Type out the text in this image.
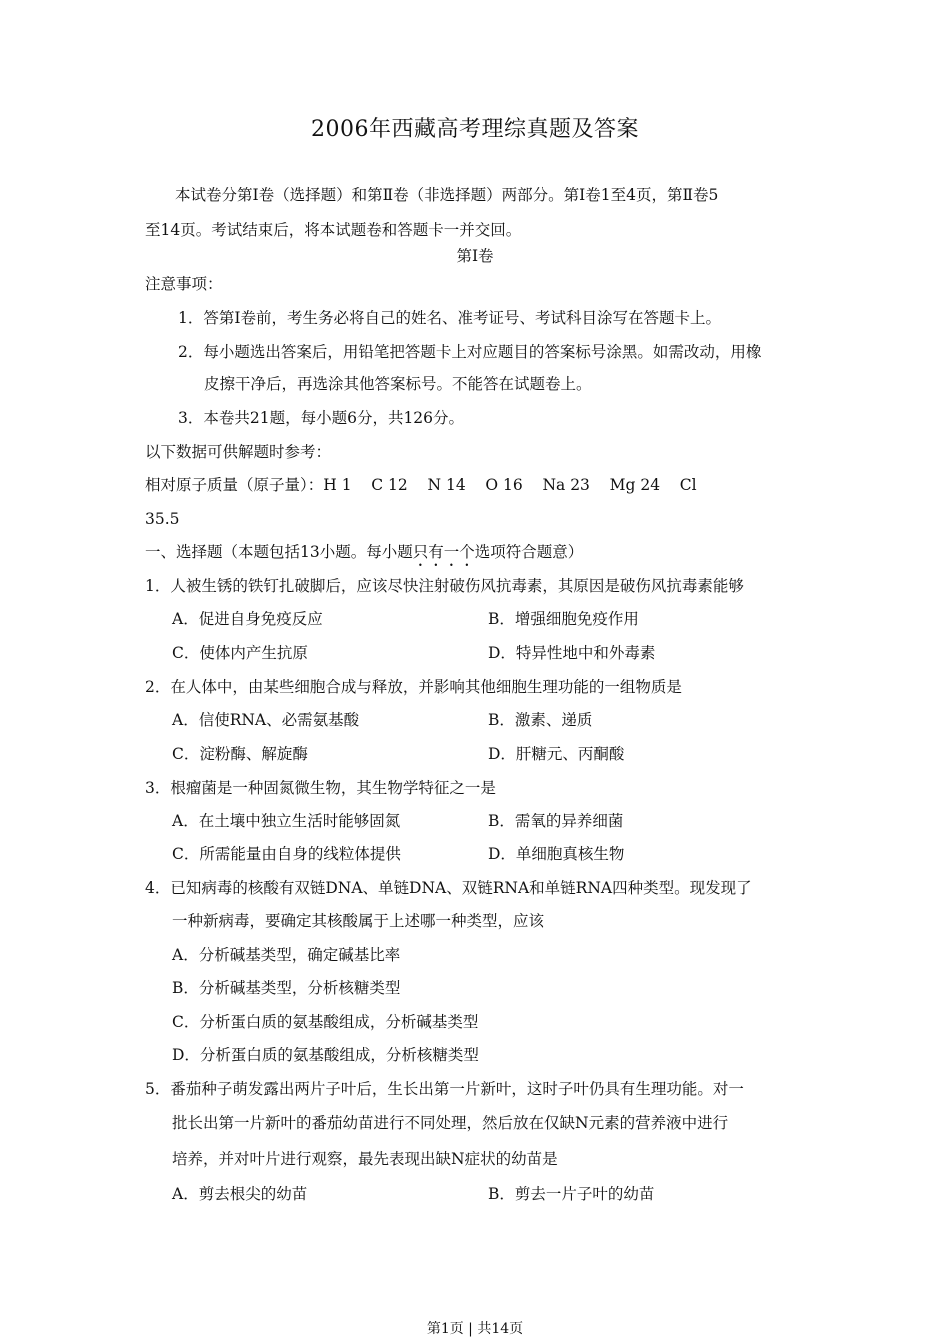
2006年西藏高考理综真题及答案
本试卷分第Ⅰ卷（选择题）和第Ⅱ卷（非选择题）两部分。第Ⅰ卷1至4页，第Ⅱ卷5
至14页。考试结束后，将本试题卷和答题卡一并交回。
第Ⅰ卷
注意事项：
1．答第Ⅰ卷前，考生务必将自己的姓名、准考证号、考试科目涂写在答题卡上。
2．每小题选出答案后，用铅笔把答题卡上对应题目的答案标号涂黑。如需改动，用橡
皮擦干净后，再选涂其他答案标号。不能答在试题卷上。
3．本卷共21题，每小题6分，共126分。
以下数据可供解题时参考：
相对原子质量（原子量）：H 1    C 12    N 14    O 16    Na 23    Mg 24    Cl
35.5
一、选择题（本题包括13小题。每小题只有一个选项符合题意）
1．人被生锈的铁钉扎破脚后，应该尽快注射破伤风抗毒素，其原因是破伤风抗毒素能够
A．促进自身免疫反应	B．增强细胞免疫作用
C．使体内产生抗原	D．特异性地中和外毒素
2．在人体中，由某些细胞合成与释放，并影响其他细胞生理功能的一组物质是
A．信使RNA、必需氨基酸	B．激素、递质
C．淀粉酶、解旋酶	D．肝糖元、丙酮酸
3．根瘤菌是一种固氮微生物，其生物学特征之一是
A．在土壤中独立生活时能够固氮	B．需氧的异养细菌
C．所需能量由自身的线粒体提供	D．单细胞真核生物
4．已知病毒的核酸有双链DNA、单链DNA、双链RNA和单链RNA四种类型。现发现了
一种新病毒，要确定其核酸属于上述哪一种类型，应该
A．分析碱基类型，确定碱基比率
B．分析碱基类型，分析核糖类型
C．分析蛋白质的氨基酸组成，分析碱基类型
D．分析蛋白质的氨基酸组成，分析核糖类型
5．番茄种子萌发露出两片子叶后，生长出第一片新叶，这时子叶仍具有生理功能。对一
批长出第一片新叶的番茄幼苗进行不同处理，然后放在仅缺N元素的营养液中进行
培养，并对叶片进行观察，最先表现出缺N症状的幼苗是
A．剪去根尖的幼苗	B．剪去一片子叶的幼苗
第1页 | 共14页
